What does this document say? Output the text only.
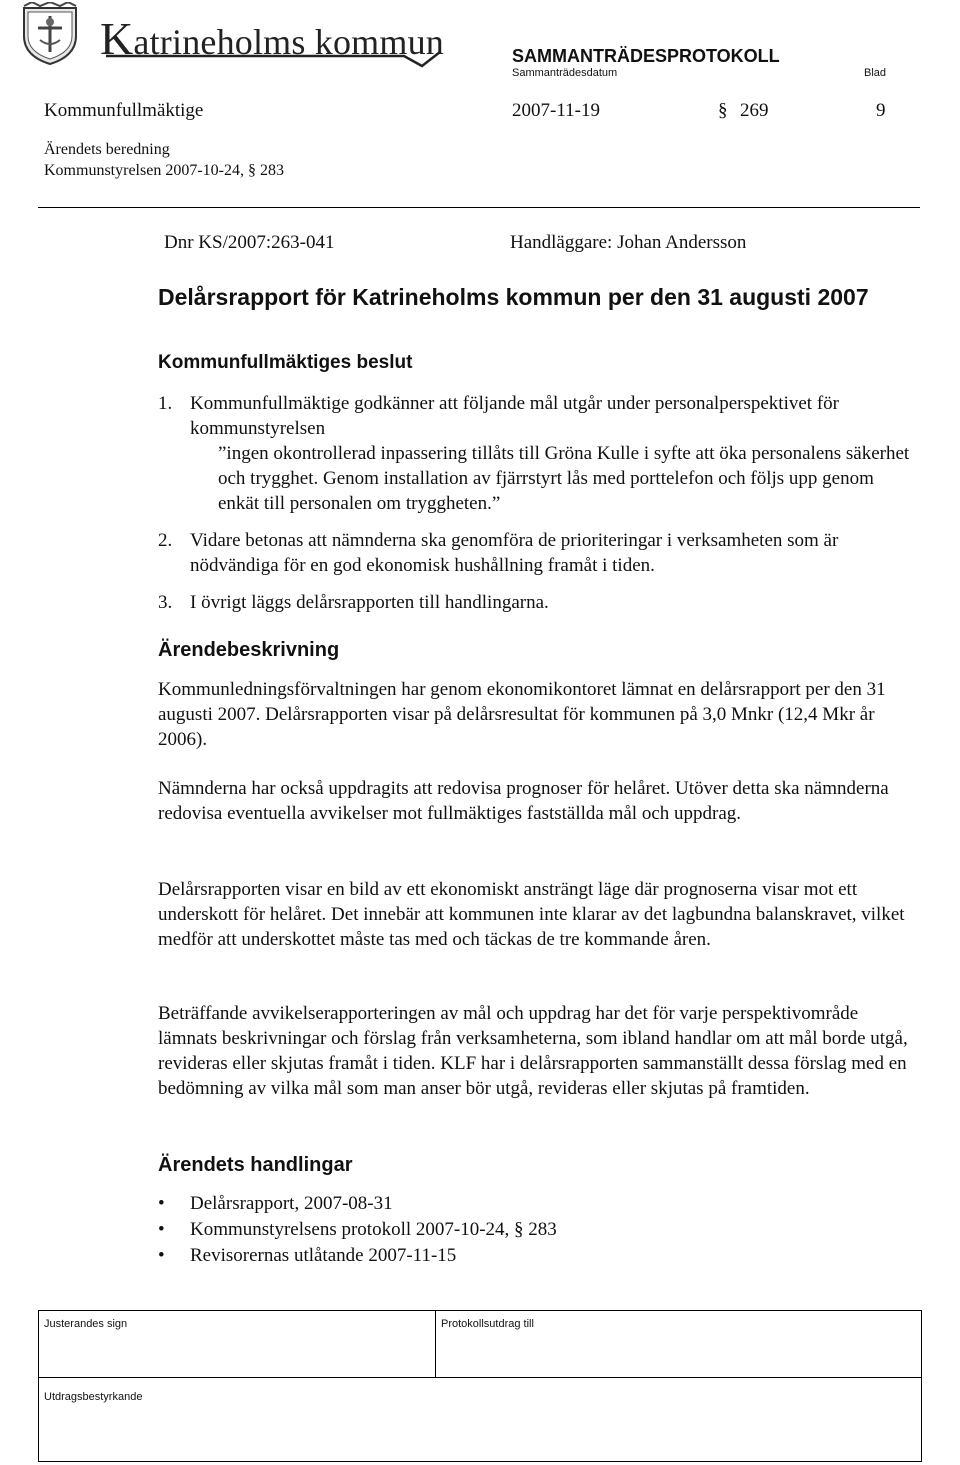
Katrineholms kommun	SAMMANTRÄDESPROTOKOLL
Sammanträdesdatum	Blad
Kommunfullmäktige	2007-11-19	§ 269	9
Ärendets beredning
Kommunstyrelsen 2007-10-24, § 283
Dnr KS/2007:263-041	Handläggare: Johan Andersson
Delårsrapport för Katrineholms kommun per den 31 augusti 2007
Kommunfullmäktiges beslut
1. Kommunfullmäktige godkänner att följande mål utgår under personalperspektivet för kommunstyrelsen
”ingen okontrollerad inpassering tillåts till Gröna Kulle i syfte att öka personalens säkerhet och trygghet. Genom installation av fjärrstyrt lås med porttelefon och följs upp genom enkät till personalen om tryggheten.”
2. Vidare betonas att nämnderna ska genomföra de prioriteringar i verksamheten som är nödvändiga för en god ekonomisk hushållning framåt i tiden.
3. I övrigt läggs delårsrapporten till handlingarna.
Ärendebeskrivning
Kommunledningsförvaltningen har genom ekonomikontoret lämnat en delårsrapport per den 31 augusti 2007. Delårsrapporten visar på delårsresultat för kommunen på 3,0 Mnkr (12,4 Mkr år 2006).
Nämnderna har också uppdragits att redovisa prognoser för helåret. Utöver detta ska nämnderna redovisa eventuella avvikelser mot fullmäktiges fastställda mål och uppdrag.
Delårsrapporten visar en bild av ett ekonomiskt ansträngt läge där prognoserna visar mot ett underskott för helåret. Det innebär att kommunen inte klarar av det lagbundna balanskravet, vilket medför att underskottet måste tas med och täckas de tre kommande åren.
Beträffande avvikelserapporteringen av mål och uppdrag har det för varje perspektivområde lämnats beskrivningar och förslag från verksamheterna, som ibland handlar om att mål borde utgå, revideras eller skjutas framåt i tiden. KLF har i delårsrapporten sammanställt dessa förslag med en bedömning av vilka mål som man anser bör utgå, revideras eller skjutas på framtiden.
Ärendets handlingar
• Delårsrapport, 2007-08-31
• Kommunstyrelsens protokoll 2007-10-24, § 283
• Revisorernas utlåtande 2007-11-15
Justerandes sign	Protokollsutdrag till
Utdragsbestyrkande
